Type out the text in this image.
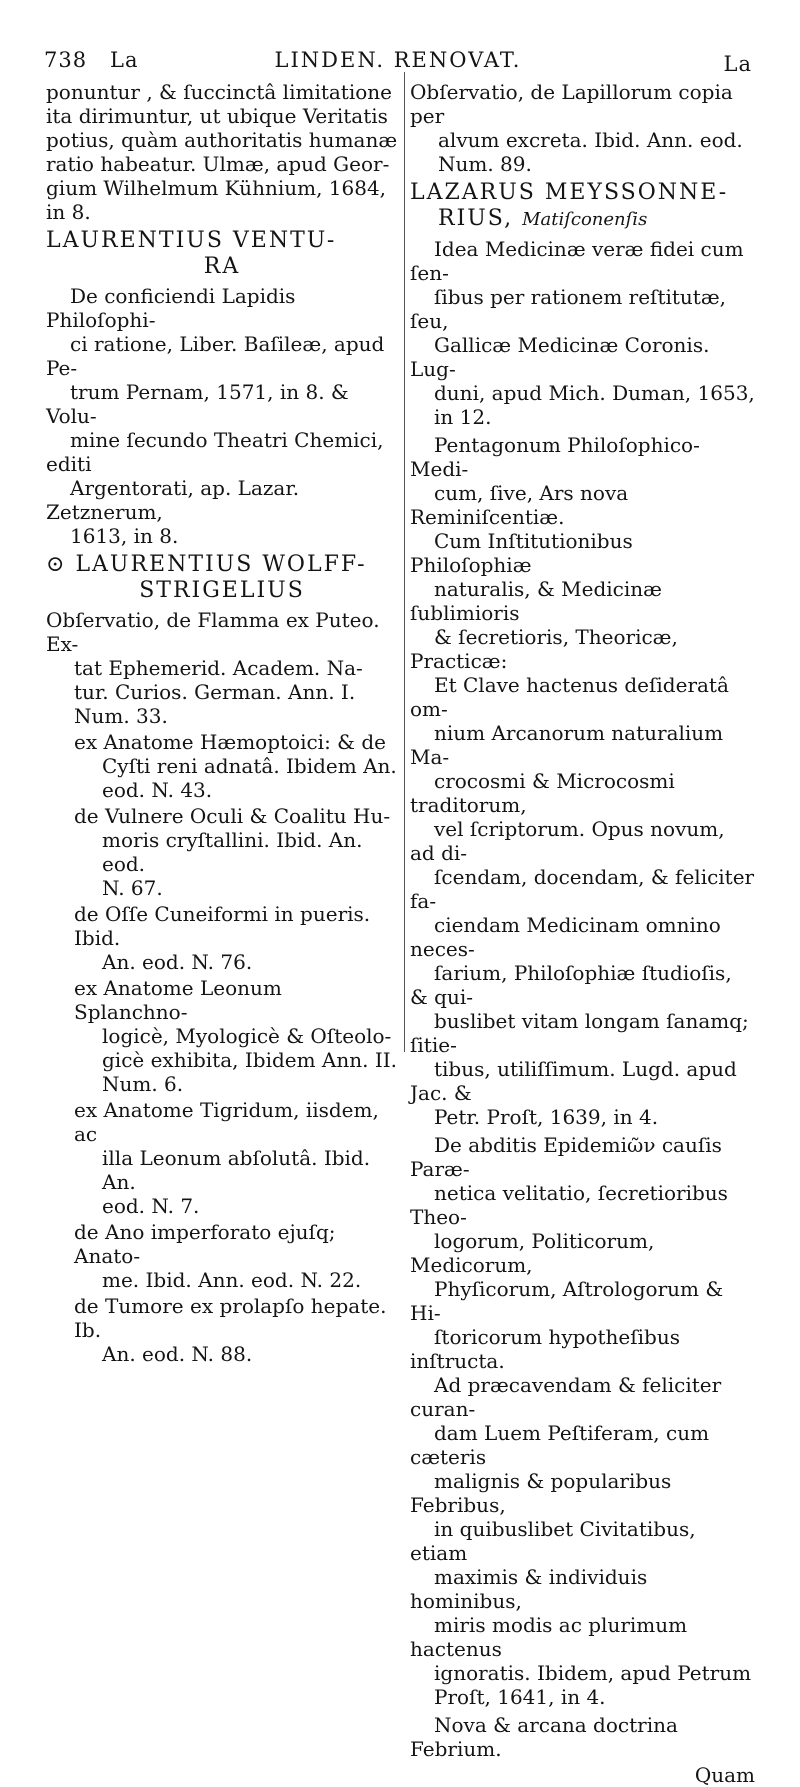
738 La	LINDEN. RENOVAT.	La

ponuntur , & ſuccinctâ limitatione

ita dirimuntur, ut ubique Veritatis

potius, quàm authoritatis humanæ

ratio habeatur. Ulmæ, apud Geor-

gium Wilhelmum Kühnium, 1684,

in 8.

LAURENTIUS VENTU-
RA

De conficiendi Lapidis Philoſophi-

ci ratione, Liber. Baſileæ, apud Pe-

trum Pernam, 1571, in 8. & Volu-

mine ſecundo Theatri Chemici, editi

Argentorati, ap. Lazar. Zetznerum,

1613, in 8.

⊙ LAURENTIUS WOLFF-
STRIGELIUS

Obſervatio, de Flamma ex Puteo. Ex-

tat Ephemerid. Academ. Na-

tur. Curios. German. Ann. I.

Num. 33.

ex Anatome Hæmoptoici: & de

Cyſti reni adnatâ. Ibidem An.

eod. N. 43.

de Vulnere Oculi & Coalitu Hu-

moris cryſtallini. Ibid. An. eod.

N. 67.

de Oſſe Cuneiformi in pueris. Ibid.

An. eod. N. 76.

ex Anatome Leonum Splanchno-

logicè, Myologicè & Oſteolo-

gicè exhibita, Ibidem Ann. II.

Num. 6.

ex Anatome Tigridum, iisdem, ac

illa Leonum abſolutâ. Ibid. An.

eod. N. 7.

de Ano imperforato ejuſq; Anato-

me. Ibid. Ann. eod. N. 22.

de Tumore ex prolapſo hepate. Ib.

An. eod. N. 88.

Obſervatio, de Lapillorum copia per

alvum excreta. Ibid. Ann. eod.

Num. 89.

LAZARUS MEYSSONNE-
RIUS, Matiſconenſis

Idea Medicinæ veræ fidei cum ſen-

ſibus per rationem reſtitutæ, ſeu,

Gallicæ Medicinæ Coronis. Lug-

duni, apud Mich. Duman, 1653,

in 12.

Pentagonum Philoſophico-Medi-

cum, ſive, Ars nova Reminiſcentiæ.

Cum Inſtitutionibus Philoſophiæ

naturalis, & Medicinæ ſublimioris

& ſecretioris, Theoricæ, Practicæ:

Et Clave hactenus deſideratâ om-

nium Arcanorum naturalium Ma-

crocosmi & Microcosmi traditorum,

vel ſcriptorum. Opus novum, ad di-

ſcendam, docendam, & feliciter fa-

ciendam Medicinam omnino neces-

ſarium, Philoſophiæ ſtudioſis, & qui-

buslibet vitam longam ſanamq; ſitie-

tibus, utiliſſimum. Lugd. apud Jac. &

Petr. Proſt, 1639, in 4.

De abditis Epidemiῶν cauſis Paræ-

netica velitatio, ſecretioribus Theo-

logorum, Politicorum, Medicorum,

Phyſicorum, Aſtrologorum & Hi-

ſtoricorum hypotheſibus inſtructa.

Ad præcavendam & feliciter curan-

dam Luem Peſtiferam, cum cæteris

malignis & popularibus Febribus,

in quibuslibet Civitatibus, etiam

maximis & individuis hominibus,

miris modis ac plurimum hactenus

ignoratis. Ibidem, apud Petrum

Proſt, 1641, in 4.

Nova & arcana doctrina Febrium.

Quam
